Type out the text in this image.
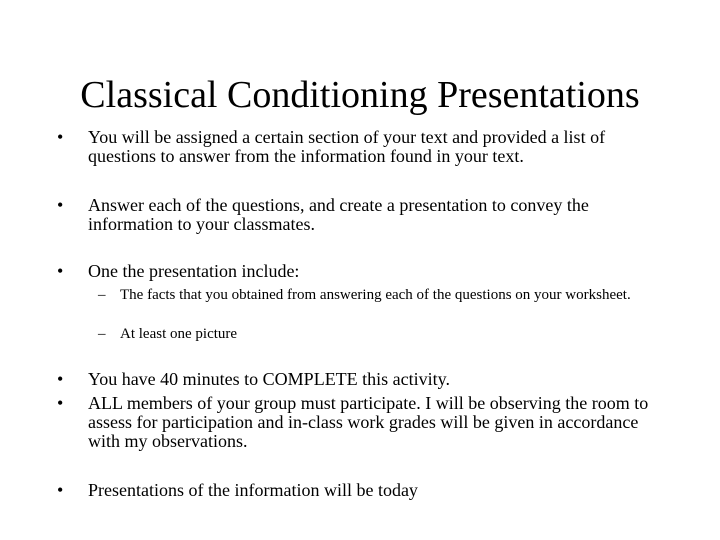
Classical Conditioning Presentations
•	You will be assigned a certain section of your text and provided a list of questions to answer from the information found in your text.
•	Answer each of the questions, and create a presentation to convey the information to your classmates.
•	One the presentation include:
– The facts that you obtained from answering each of the questions on your worksheet.
– At least one picture
•	You have 40 minutes to COMPLETE this activity.
•	ALL members of your group must participate. I will be observing the room to assess for participation and in-class work grades will be given in accordance with my observations.
•	Presentations of the information will be today
